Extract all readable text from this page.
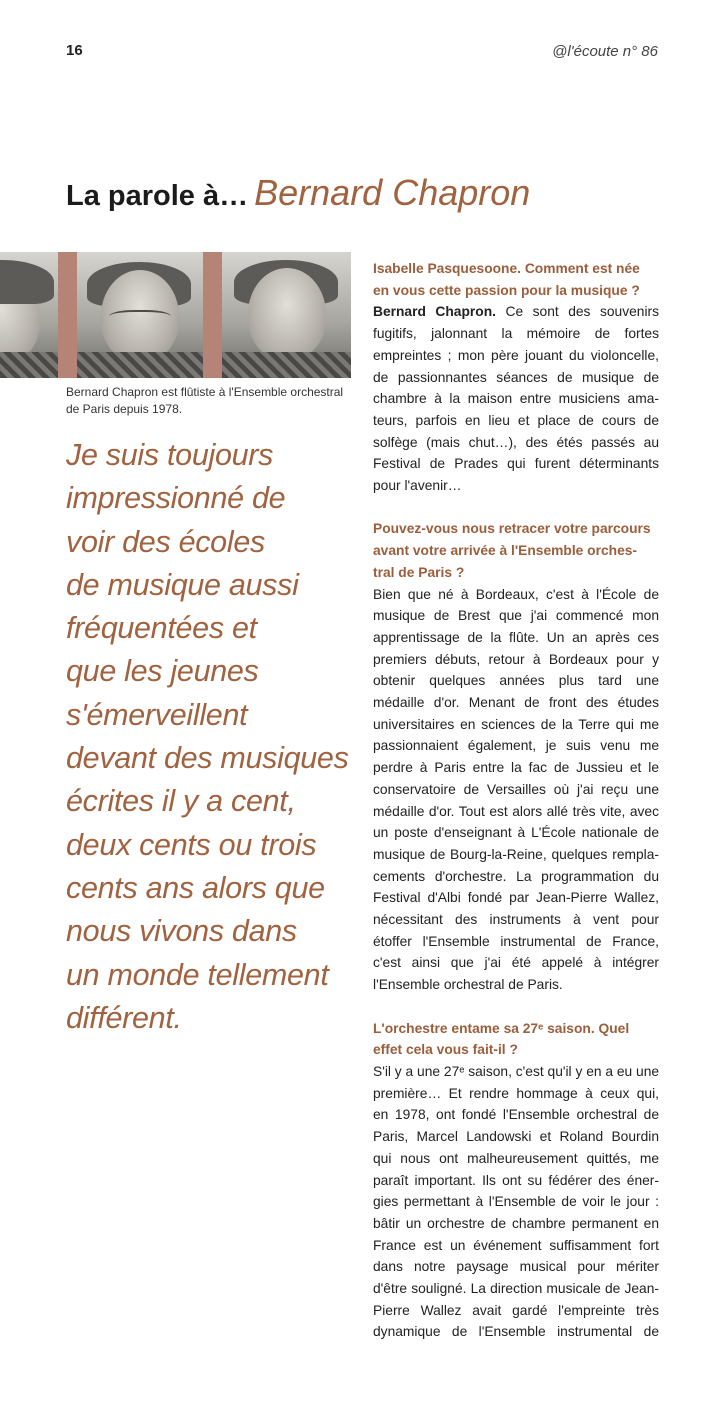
16	@l'écoute n° 86
La parole à… Bernard Chapron
Bernard Chapron est flûtiste à l'Ensemble orchestral de Paris depuis 1978.
Je suis toujours
impressionné de
voir des écoles
de musique aussi
fréquentées et
que les jeunes
s'émerveillent
devant des musiques
écrites il y a cent,
deux cents ou trois
cents ans alors que
nous vivons dans
un monde tellement
différent.
Isabelle Pasquesoone. Comment est née
en vous cette passion pour la musique ?
Bernard Chapron. Ce sont des souvenirs
fugitifs, jalonnant la mémoire de fortes
empreintes ; mon père jouant du violoncelle,
de passionnantes séances de musique de
chambre à la maison entre musiciens ama-
teurs, parfois en lieu et place de cours de
solfège (mais chut…), des étés passés au
Festival de Prades qui furent déterminants
pour l'avenir…
Pouvez-vous nous retracer votre parcours
avant votre arrivée à l'Ensemble orches-
tral de Paris ?
Bien que né à Bordeaux, c'est à l'École de
musique de Brest que j'ai commencé mon
apprentissage de la flûte. Un an après ces
premiers débuts, retour à Bordeaux pour y
obtenir quelques années plus tard une
médaille d'or. Menant de front des études
universitaires en sciences de la Terre qui me
passionnaient également, je suis venu me
perdre à Paris entre la fac de Jussieu et le
conservatoire de Versailles où j'ai reçu une
médaille d'or. Tout est alors allé très vite, avec
un poste d'enseignant à L'École nationale de
musique de Bourg-la-Reine, quelques rempla-
cements d'orchestre. La programmation du
Festival d'Albi fondé par Jean-Pierre Wallez,
nécessitant des instruments à vent pour
étoffer l'Ensemble instrumental de France,
c'est ainsi que j'ai été appelé à intégrer
l'Ensemble orchestral de Paris.
L'orchestre entame sa 27ᵉ saison. Quel
effet cela vous fait-il ?
S'il y a une 27ᵉ saison, c'est qu'il y en a eu une
première… Et rendre hommage à ceux qui,
en 1978, ont fondé l'Ensemble orchestral de
Paris, Marcel Landowski et Roland Bourdin
qui nous ont malheureusement quittés, me
paraît important. Ils ont su fédérer des éner-
gies permettant à l'Ensemble de voir le jour :
bâtir un orchestre de chambre permanent en
France est un événement suffisamment fort
dans notre paysage musical pour mériter
d'être souligné. La direction musicale de Jean-
Pierre Wallez avait gardé l'empreinte très
dynamique de l'Ensemble instrumental de
